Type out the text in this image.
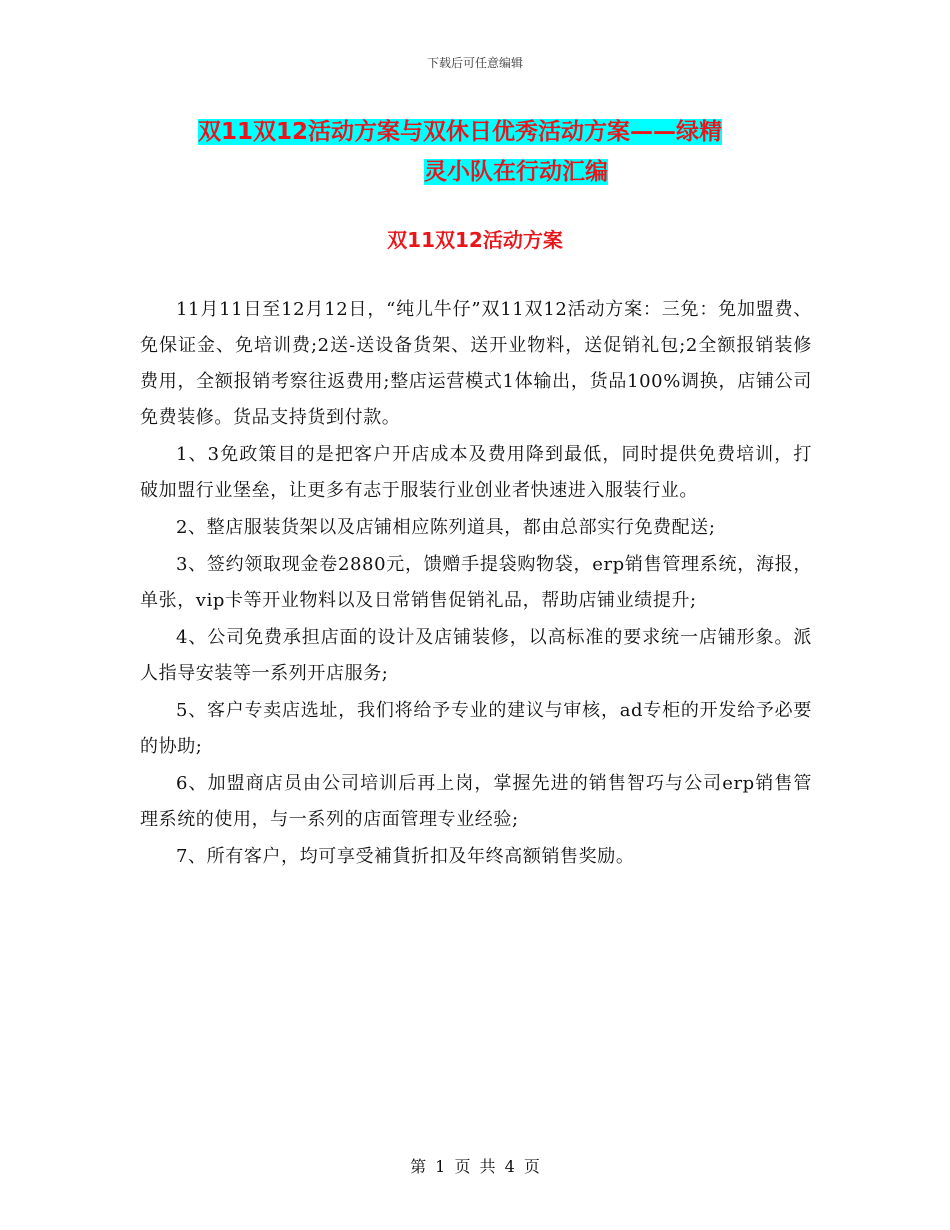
下载后可任意编辑
双11双12活动方案与双休日优秀活动方案——绿精
灵小队在行动汇编
双11双12活动方案

11月11日至12月12日，“纯儿牛仔”双11双12活动方案：三免：免加盟费、免保证金、免培训费;2送-送设备货架、送开业物料，送促销礼包;2全额报销装修费用，全额报销考察往返费用;整店运营模式1体输出，货品100%调换，店铺公司免费装修。货品支持货到付款。

1、3免政策目的是把客户开店成本及费用降到最低，同时提供免费培训，打破加盟行业堡垒，让更多有志于服装行业创业者快速进入服装行业。

2、整店服装货架以及店铺相应陈列道具，都由总部实行免费配送;

3、签约领取现金卷2880元，馈赠手提袋购物袋，erp销售管理系统，海报，单张，vip卡等开业物料以及日常销售促销礼品，帮助店铺业绩提升;

4、公司免费承担店面的设计及店铺装修，以高标准的要求统一店铺形象。派人指导安装等一系列开店服务;

5、客户专卖店选址，我们将给予专业的建议与审核，ad专柜的开发给予必要的协助;

6、加盟商店员由公司培训后再上岗，掌握先进的销售智巧与公司erp销售管理系统的使用，与一系列的店面管理专业经验;

7、所有客户，均可享受補貨折扣及年终高额销售奖励。

第 1 页 共 4 页
